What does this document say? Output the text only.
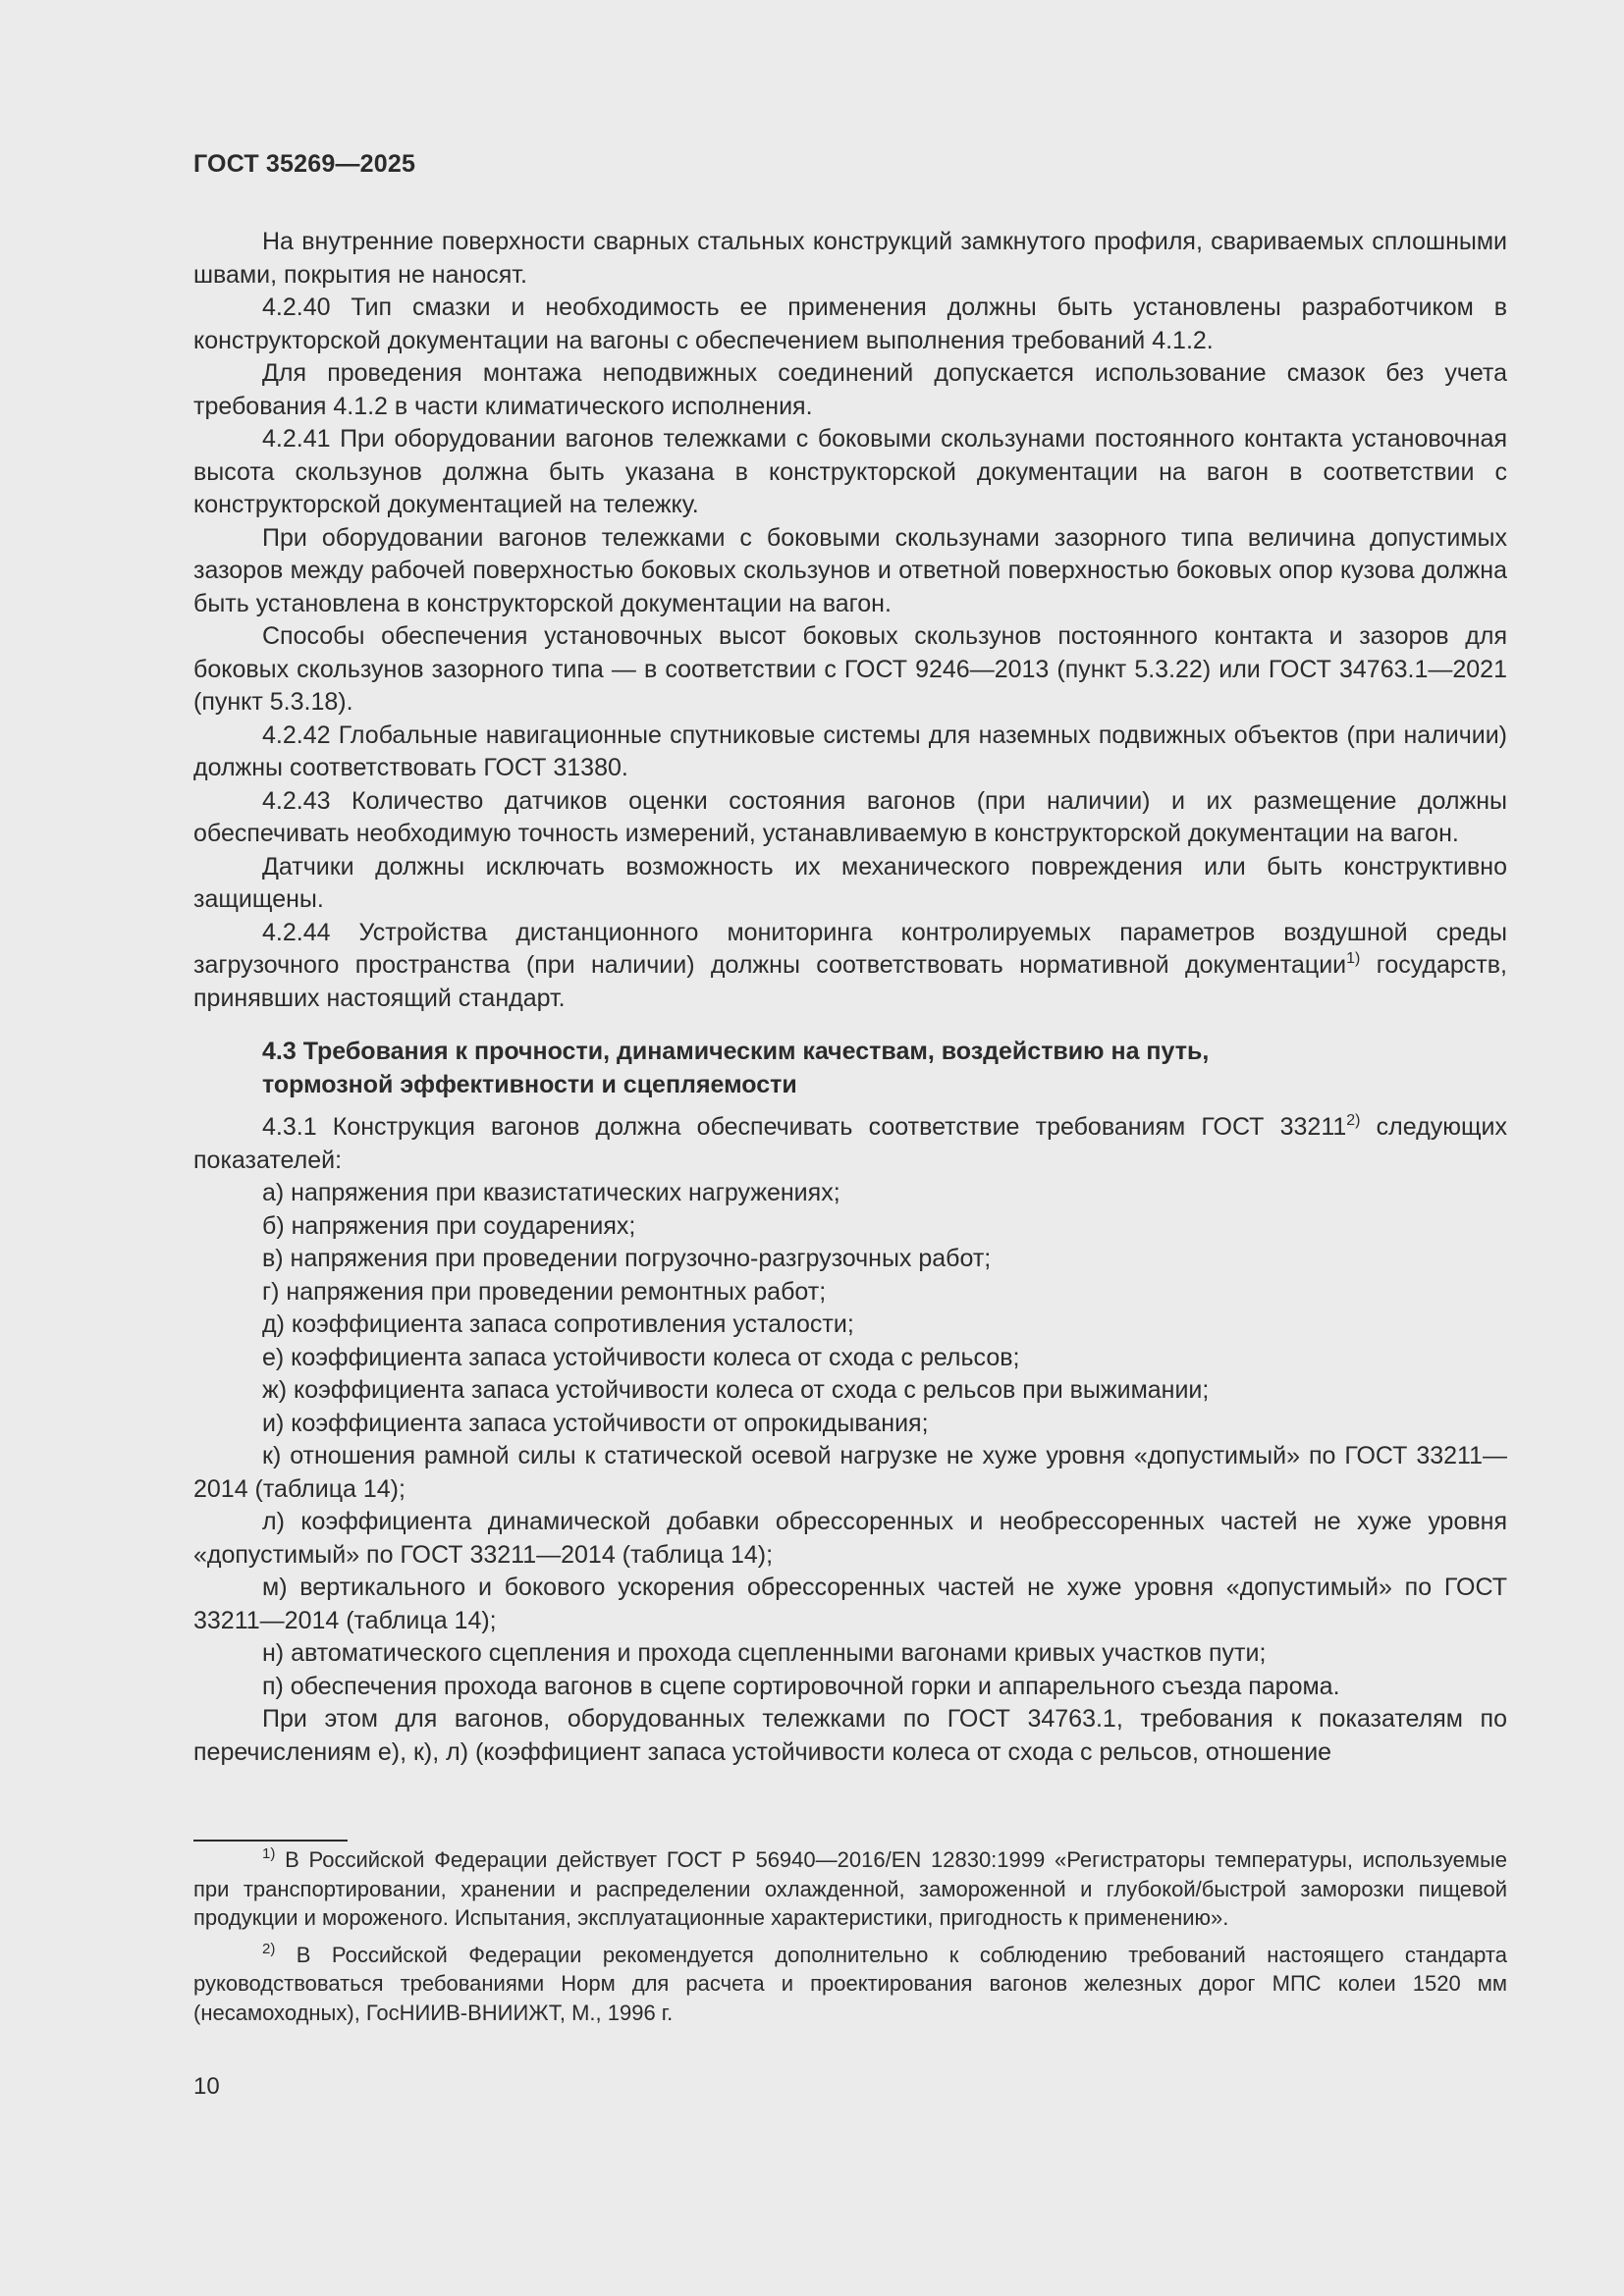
ГОСТ 35269—2025

На внутренние поверхности сварных стальных конструкций замкнутого профиля, свариваемых сплошными швами, покрытия не наносят.

4.2.40 Тип смазки и необходимость ее применения должны быть установлены разработчиком в конструкторской документации на вагоны с обеспечением выполнения требований 4.1.2.

Для проведения монтажа неподвижных соединений допускается использование смазок без учета требования 4.1.2 в части климатического исполнения.

4.2.41 При оборудовании вагонов тележками с боковыми скользунами постоянного контакта установочная высота скользунов должна быть указана в конструкторской документации на вагон в соответствии с конструкторской документацией на тележку.

При оборудовании вагонов тележками с боковыми скользунами зазорного типа величина допустимых зазоров между рабочей поверхностью боковых скользунов и ответной поверхностью боковых опор кузова должна быть установлена в конструкторской документации на вагон.

Способы обеспечения установочных высот боковых скользунов постоянного контакта и зазоров для боковых скользунов зазорного типа — в соответствии с ГОСТ 9246—2013 (пункт 5.3.22) или ГОСТ 34763.1—2021 (пункт 5.3.18).

4.2.42 Глобальные навигационные спутниковые системы для наземных подвижных объектов (при наличии) должны соответствовать ГОСТ 31380.

4.2.43 Количество датчиков оценки состояния вагонов (при наличии) и их размещение должны обеспечивать необходимую точность измерений, устанавливаемую в конструкторской документации на вагон.

Датчики должны исключать возможность их механического повреждения или быть конструктивно защищены.

4.2.44 Устройства дистанционного мониторинга контролируемых параметров воздушной среды загрузочного пространства (при наличии) должны соответствовать нормативной документации$^{1)}$ государств, принявших настоящий стандарт.

4.3 Требования к прочности, динамическим качествам, воздействию на путь,
тормозной эффективности и сцепляемости

4.3.1 Конструкция вагонов должна обеспечивать соответствие требованиям ГОСТ 33211$^{2)}$ следующих показателей:

а) напряжения при квазистатических нагружениях;

б) напряжения при соударениях;

в) напряжения при проведении погрузочно-разгрузочных работ;

г) напряжения при проведении ремонтных работ;

д) коэффициента запаса сопротивления усталости;

е) коэффициента запаса устойчивости колеса от схода с рельсов;

ж) коэффициента запаса устойчивости колеса от схода с рельсов при выжимании;

и) коэффициента запаса устойчивости от опрокидывания;

к) отношения рамной силы к статической осевой нагрузке не хуже уровня «допустимый» по ГОСТ 33211—2014 (таблица 14);

л) коэффициента динамической добавки обрессоренных и необрессоренных частей не хуже уровня «допустимый» по ГОСТ 33211—2014 (таблица 14);

м) вертикального и бокового ускорения обрессоренных частей не хуже уровня «допустимый» по ГОСТ 33211—2014 (таблица 14);

н) автоматического сцепления и прохода сцепленными вагонами кривых участков пути;

п) обеспечения прохода вагонов в сцепе сортировочной горки и аппарельного съезда парома.

При этом для вагонов, оборудованных тележками по ГОСТ 34763.1, требования к показателям по перечислениям е), к), л) (коэффициент запаса устойчивости колеса от схода с рельсов, отношение

$^{1)}$ В Российской Федерации действует ГОСТ Р 56940—2016/EN 12830:1999 «Регистраторы температуры, используемые при транспортировании, хранении и распределении охлажденной, замороженной и глубокой/быстрой заморозки пищевой продукции и мороженого. Испытания, эксплуатационные характеристики, пригодность к применению».

$^{2)}$ В Российской Федерации рекомендуется дополнительно к соблюдению требований настоящего стандарта руководствоваться требованиями Норм для расчета и проектирования вагонов железных дорог МПС колеи 1520 мм (несамоходных), ГосНИИВ-ВНИИЖТ, М., 1996 г.

10
